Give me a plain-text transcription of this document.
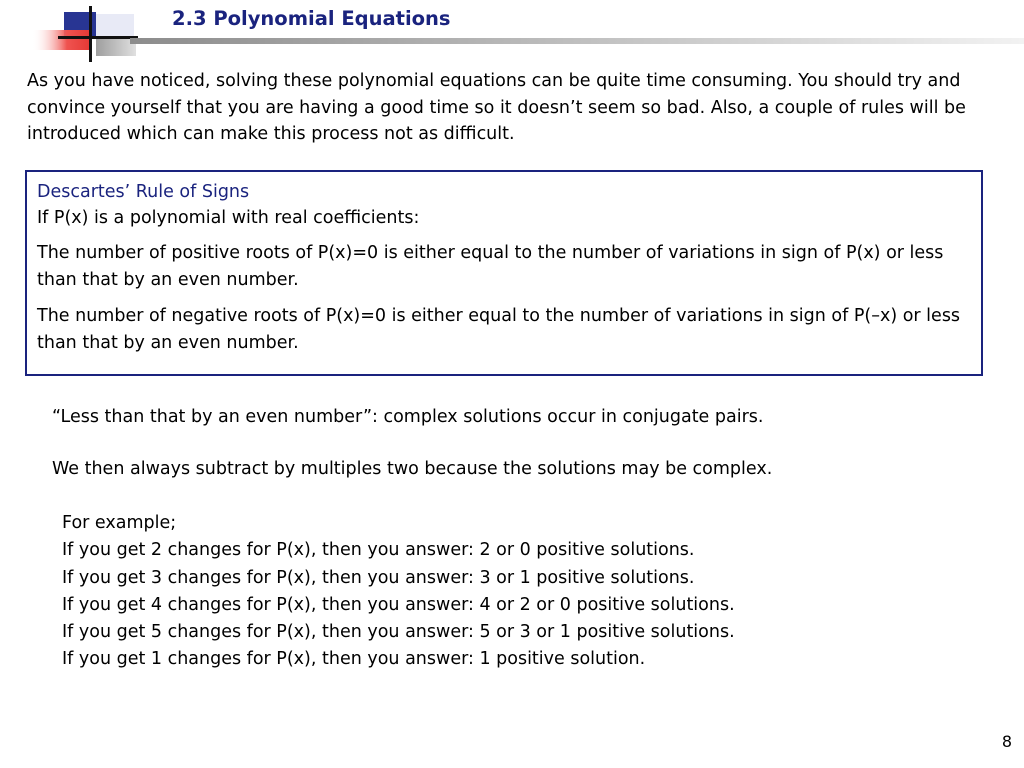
2.3 Polynomial Equations

As you have noticed, solving these polynomial equations can be quite time consuming. You should try and convince yourself that you are having a good time so it doesn’t seem so bad. Also, a couple of rules will be introduced which can make this process not as difficult.

Descartes’ Rule of Signs
If P(x) is a polynomial with real coefficients:

The number of positive roots of P(x)=0 is either equal to the number of variations in sign of P(x) or less than that by an even number.

The number of negative roots of P(x)=0 is either equal to the number of variations in sign of P(–x) or less than that by an even number.

“Less than that by an even number”: complex solutions occur in conjugate pairs.

We then always subtract by multiples two because the solutions may be complex.

For example;
If you get 2 changes for P(x), then you answer: 2 or 0 positive solutions.
If you get 3 changes for P(x), then you answer: 3 or 1 positive solutions.
If you get 4 changes for P(x), then you answer: 4 or 2 or 0 positive solutions.
If you get 5 changes for P(x), then you answer: 5 or 3 or 1 positive solutions.
If you get 1 changes for P(x), then you answer: 1 positive solution.
8
